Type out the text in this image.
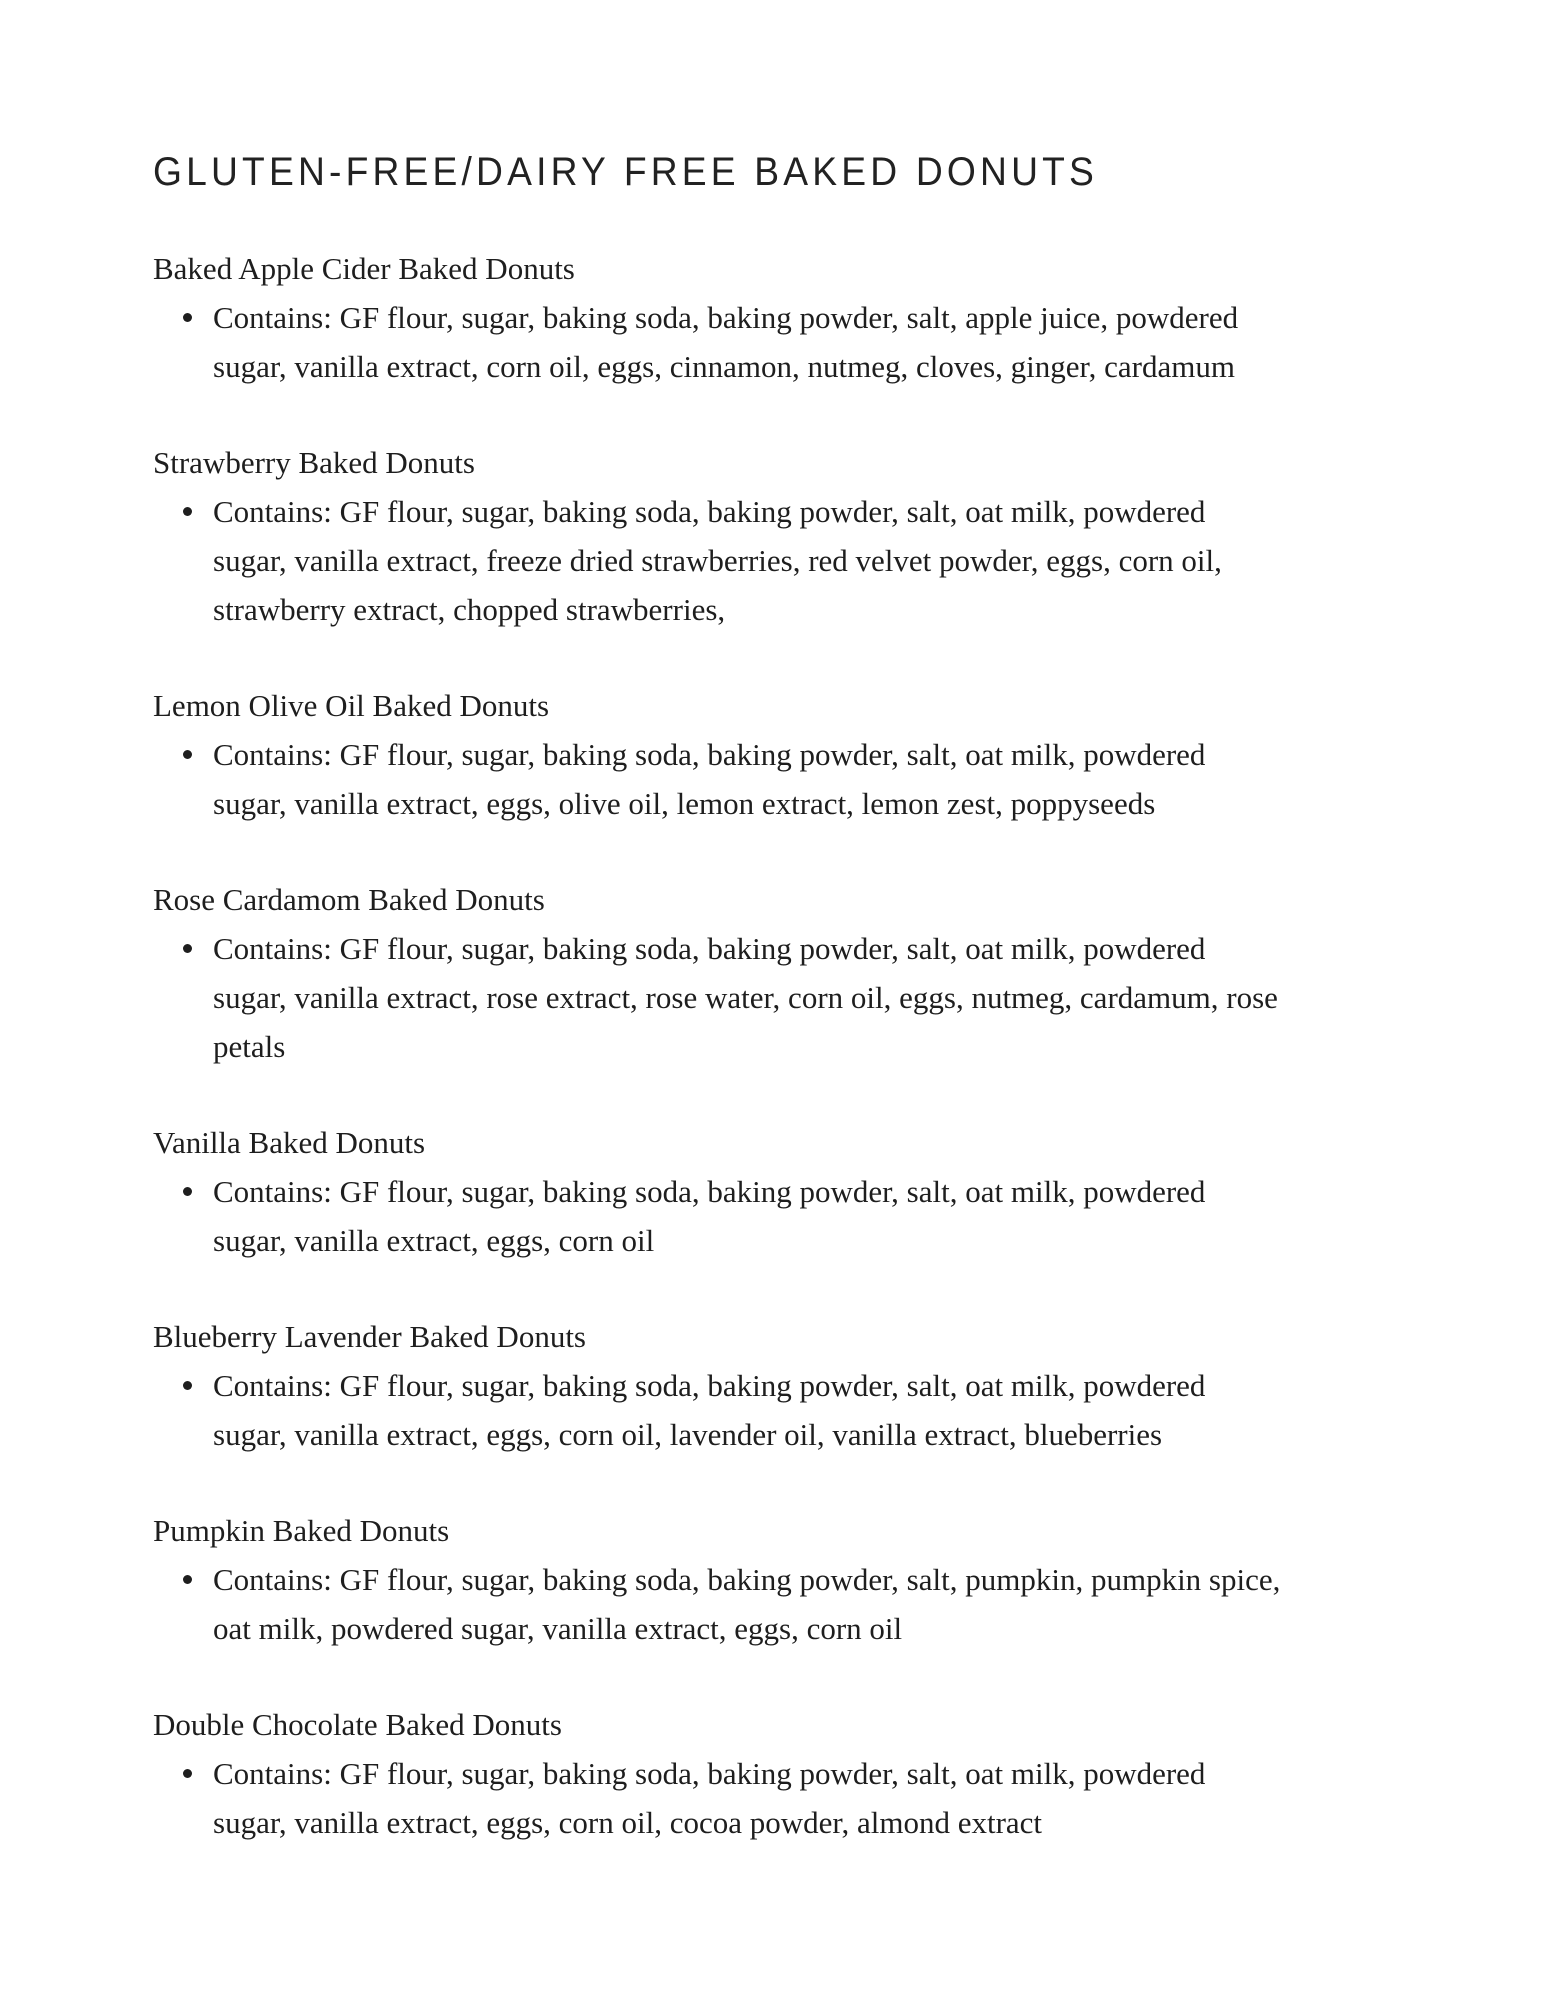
GLUTEN-FREE/DAIRY FREE BAKED DONUTS
Baked Apple Cider Baked Donuts
Contains: GF flour, sugar, baking soda, baking powder, salt, apple juice, powdered
sugar, vanilla extract, corn oil, eggs, cinnamon, nutmeg, cloves, ginger, cardamum
Strawberry Baked Donuts
Contains: GF flour, sugar, baking soda, baking powder, salt, oat milk, powdered
sugar, vanilla extract, freeze dried strawberries, red velvet powder, eggs, corn oil,
strawberry extract, chopped strawberries,
Lemon Olive Oil Baked Donuts
Contains: GF flour, sugar, baking soda, baking powder, salt, oat milk, powdered
sugar, vanilla extract, eggs, olive oil, lemon extract, lemon zest, poppyseeds
Rose Cardamom Baked Donuts
Contains: GF flour, sugar, baking soda, baking powder, salt, oat milk, powdered
sugar, vanilla extract, rose extract, rose water, corn oil, eggs, nutmeg, cardamum, rose
petals
Vanilla Baked Donuts
Contains: GF flour, sugar, baking soda, baking powder, salt, oat milk, powdered
sugar, vanilla extract, eggs, corn oil
Blueberry Lavender Baked Donuts
Contains: GF flour, sugar, baking soda, baking powder, salt, oat milk, powdered
sugar, vanilla extract, eggs, corn oil, lavender oil, vanilla extract, blueberries
Pumpkin Baked Donuts
Contains: GF flour, sugar, baking soda, baking powder, salt, pumpkin, pumpkin spice,
oat milk, powdered sugar, vanilla extract, eggs, corn oil
Double Chocolate Baked Donuts
Contains: GF flour, sugar, baking soda, baking powder, salt, oat milk, powdered
sugar, vanilla extract, eggs, corn oil, cocoa powder, almond extract
